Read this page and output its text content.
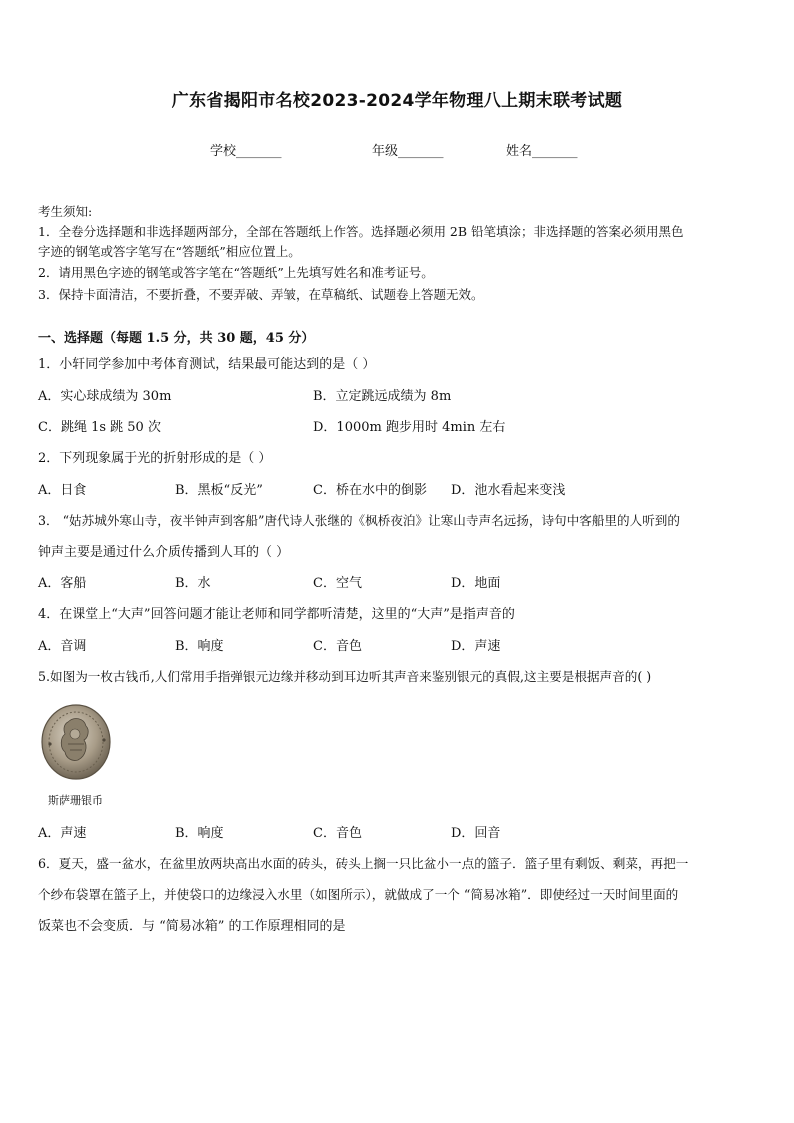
广东省揭阳市名校2023-2024学年物理八上期末联考试题
学校_______	年级_______	姓名_______
考生须知:
1．全卷分选择题和非选择题两部分，全部在答题纸上作答。选择题必须用 2B 铅笔填涂；非选择题的答案必须用黑色
字迹的钢笔或答字笔写在“答题纸”相应位置上。
2．请用黑色字迹的钢笔或答字笔在“答题纸”上先填写姓名和准考证号。
3．保持卡面清洁，不要折叠，不要弄破、弄皱，在草稿纸、试题卷上答题无效。
一、选择题（每题 1.5 分，共 30 题，45 分）
1．小轩同学参加中考体育测试，结果最可能达到的是（ ）
A．实心球成绩为 30m	B．立定跳远成绩为 8m
C．跳绳 1s 跳 50 次	D．1000m 跑步用时 4min 左右
2．下列现象属于光的折射形成的是（ ）
A．日食	B．黑板“反光”	C．桥在水中的倒影 D．池水看起来变浅
3． “姑苏城外寒山寺，夜半钟声到客船”唐代诗人张继的《枫桥夜泊》让寒山寺声名远扬，诗句中客船里的人听到的
钟声主要是通过什么介质传播到人耳的（ ）
A．客船	B．水	C．空气	D．地面
4．在课堂上“大声”回答问题才能让老师和同学都听清楚，这里的“大声”是指声音的
A．音调	B．响度	C．音色	D．声速
5.如图为一枚古钱币,人们常用手指弹银元边缘并移动到耳边听其声音来鉴别银元的真假,这主要是根据声音的( )
斯萨珊银币
A．声速	B．响度	C．音色	D．回音
6．夏天，盛一盆水，在盆里放两块高出水面的砖头，砖头上搁一只比盆小一点的篮子．篮子里有剩饭、剩菜，再把一
个纱布袋罩在篮子上，并使袋口的边缘浸入水里（如图所示），就做成了一个 “简易冰箱”．即使经过一天时间里面的
饭菜也不会变质．与 “简易冰箱” 的工作原理相同的是
